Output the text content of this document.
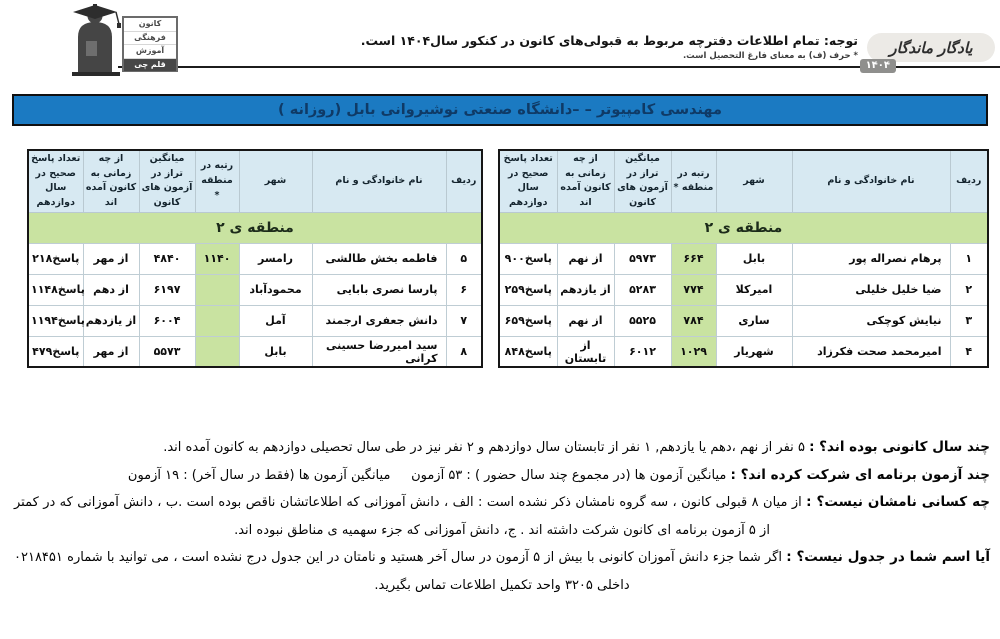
کانون
فرهنگی
آموزش
قلم چی
توجه: تمام اطلاعات دفترچه مربوط به قبولی‌های کانون در کنکور سال۱۴۰۴ است.
* حرف (ف) به معنای فارغ التحصیل است.	یادگار ماندگار
۱۴۰۴
مهندسی کامپیوتر – –دانشگاه صنعتی نوشیروانی بابل (روزانه )
ردیف	نام خانوادگی و نام	شهر	رتبه در منطقه *	میانگین تراز در آزمون های کانون	از چه زمانی به کانون آمده اند	تعداد پاسخ صحیح در سال دوازدهم
منطقه ی ۲						
۱	پرهام نصراله پور	بابل	۶۶۴	۵۹۷۳	از نهم	۹۰۰پاسخ
۲	ضیا خلیل خلیلی	امیرکلا	۷۷۴	۵۲۸۳	از یازدهم	۲۵۹پاسخ
۳	نیایش کوچکی	ساری	۷۸۴	۵۵۲۵	از نهم	۶۵۹پاسخ
۴	امیرمحمد صحت فکرزاد	شهریار	۱۰۲۹	۶۰۱۲	از تابستان	۸۴۸پاسخ
ردیف	نام خانوادگی و نام	شهر	رتبه در منطقه *	میانگین تراز در آزمون های کانون	از چه زمانی به کانون آمده اند	تعداد پاسخ صحیح در سال دوازدهم
منطقه ی ۲						
۵	فاطمه بخش طالشی	رامسر	۱۱۴۰	۴۸۴۰	از مهر	۲۱۸پاسخ
۶	پارسا نصری بابایی	محمودآباد		۶۱۹۷	از دهم	۱۱۴۸پاسخ
۷	دانش جعفری ارجمند	آمل		۶۰۰۴	از یازدهم	۱۱۹۴پاسخ
۸	سید امیررضا حسینی کرانی	بابل		۵۵۷۳	از مهر	۴۷۹پاسخ

چند سال کانونی بوده اند؟ : ۵ نفر از نهم ،دهم یا یازدهم, ۱ نفر از تابستان سال دوازدهم و ۲ نفر نیز در طی سال تحصیلی دوازدهم به کانون آمده اند.

چند آزمون برنامه ای شرکت کرده اند؟ : میانگین آزمون ها (در مجموع چند سال حضور ) : ۵۳ آزمون     میانگین آزمون ها (فقط در سال آخر) : ۱۹ آزمون

چه کسانی نامشان نیست؟ : از میان ۸ قبولی کانون ، سه گروه نامشان ذکر نشده است : الف ، دانش آموزانی که اطلاعاتشان ناقص بوده است .ب ، دانش آموزانی که در کمتر از ۵ آزمون برنامه ای کانون شرکت داشته اند . ج، دانش آموزانی که جزء سهمیه ی مناطق نبوده اند.

آیا اسم شما در جدول نیست؟ : اگر شما جزء دانش آموزان کانونی با بیش از ۵ آزمون در سال آخر هستید و نامتان در این جدول درج نشده است ، می توانید با شماره ۰۲۱۸۴۵۱ داخلی ۳۲۰۵ واحد تکمیل اطلاعات تماس بگیرید.
